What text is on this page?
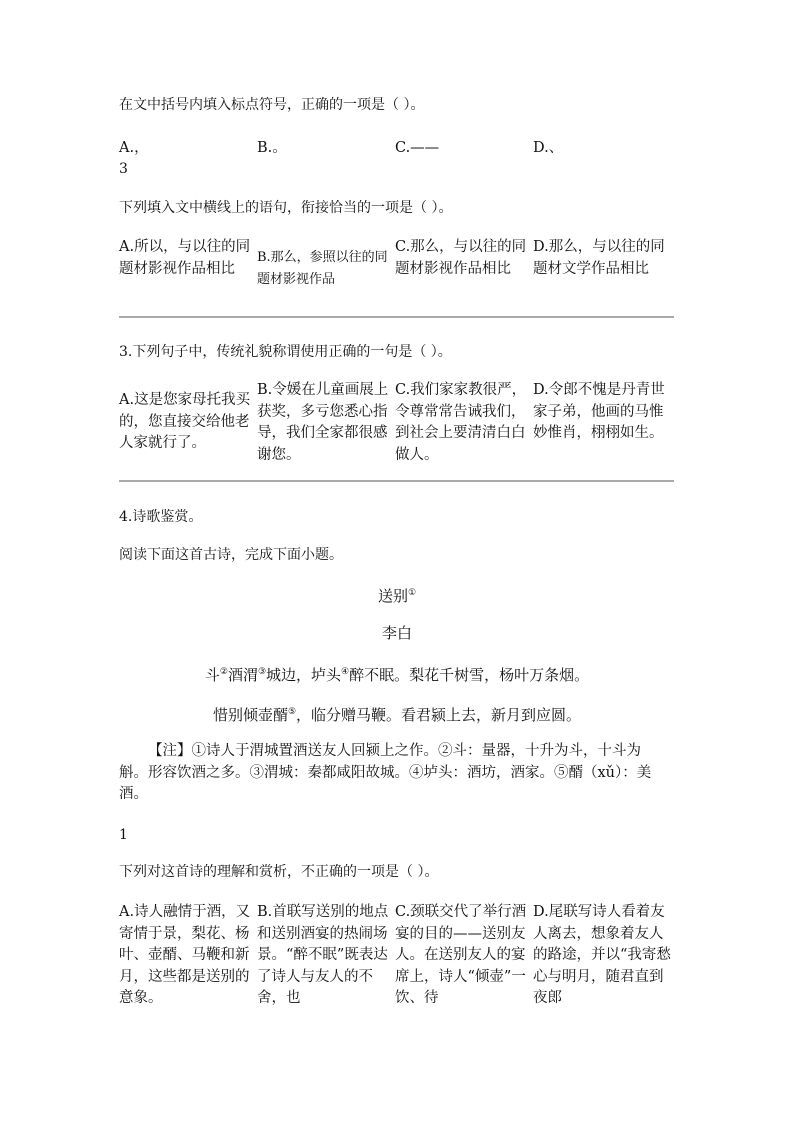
在文中括号内填入标点符号，正确的一项是（ ）。
A.，	B.。	C.——	D.、
3
下列填入文中横线上的语句，衔接恰当的一项是（ ）。
A.所以，与以往的同题材影视作品相比
B.那么，参照以往的同题材影视作品
C.那么，与以往的同题材影视作品相比
D.那么，与以往的同题材文学作品相比
3.下列句子中，传统礼貌称谓使用正确的一句是（ ）。
A.这是您家母托我买的，您直接交给他老人家就行了。
B.令媛在儿童画展上获奖，多亏您悉心指导，我们全家都很感谢您。
C.我们家家教很严，令尊常常告诫我们，到社会上要清清白白做人。
D.令郎不愧是丹青世家子弟，他画的马惟妙惟肖，栩栩如生。
4.诗歌鉴赏。
阅读下面这首古诗，完成下面小题。
送别①
李白
斗②酒渭③城边，垆头④醉不眠。梨花千树雪，杨叶万条烟。
惜别倾壶醑⑤，临分赠马鞭。看君颍上去，新月到应圆。
【注】①诗人于渭城置酒送友人回颍上之作。②斗：量器，十升为斗，十斗为斛。形容饮酒之多。③渭城：秦都咸阳故城。④垆头：酒坊，酒家。⑤醑（xǔ）：美酒。
1
下列对这首诗的理解和赏析，不正确的一项是（ ）。
A.诗人融情于酒，又寄情于景，梨花、杨叶、壶醑、马鞭和新月，这些都是送别的意象。
B.首联写送别的地点和送别酒宴的热闹场景。“醉不眠”既表达了诗人与友人的不舍，也
C.颈联交代了举行酒宴的目的——送别友人。在送别友人的宴席上，诗人“倾壶”一饮、待
D.尾联写诗人看着友人离去，想象着友人的路途，并以“我寄愁心与明月，随君直到夜郎
